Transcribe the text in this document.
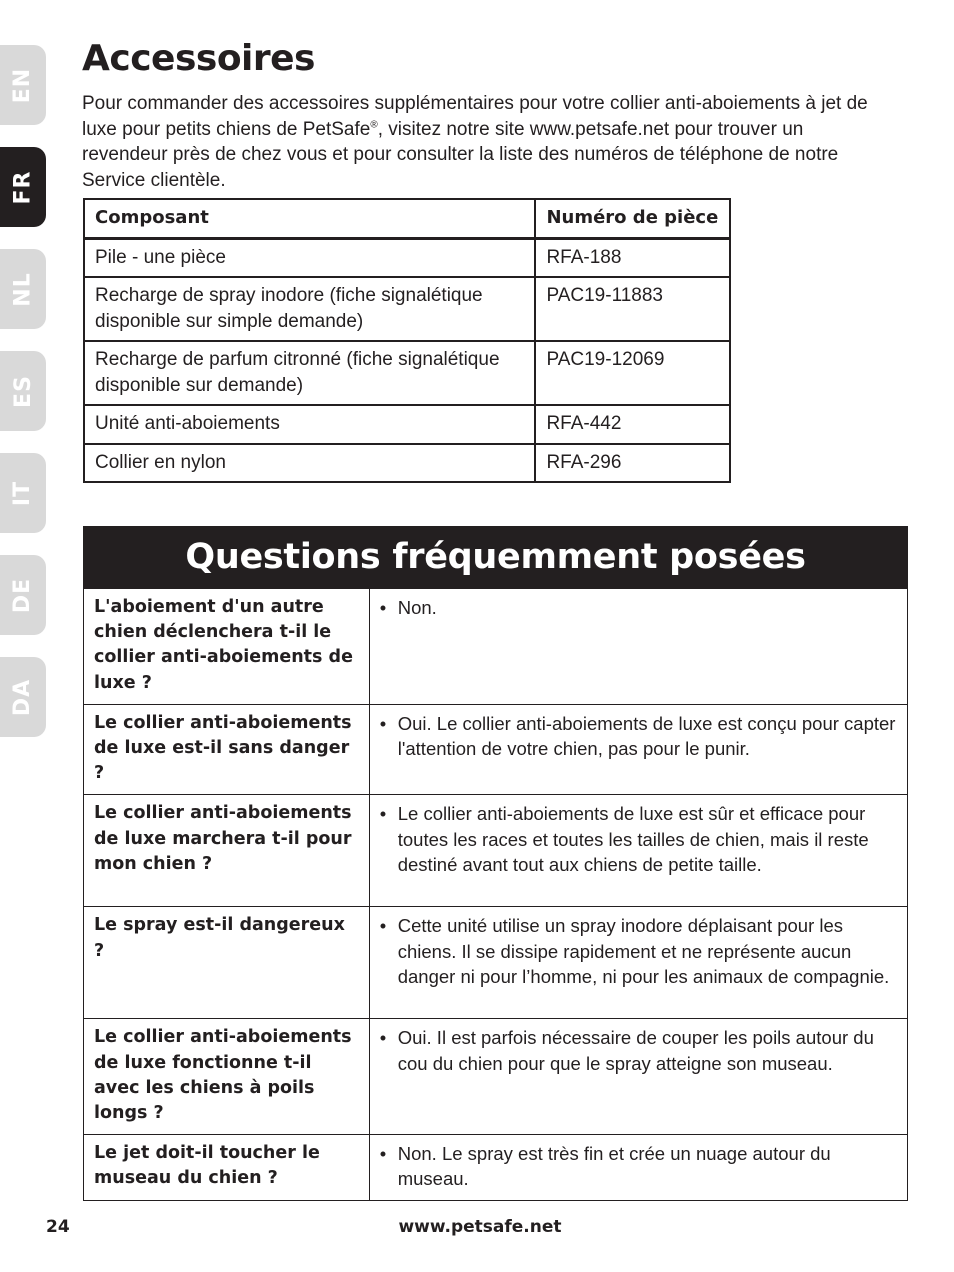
EN
FR
NL
ES
IT
DE
DA
Accessoires

Pour commander des accessoires supplémentaires pour votre collier anti-aboiements à jet de luxe pour petits chiens de PetSafe®, visitez notre site www.petsafe.net pour trouver un revendeur près de chez vous et pour consulter la liste des numéros de téléphone de notre Service clientèle.

Composant	Numéro de pièce
Pile - une pièce	RFA-188
Recharge de spray inodore (fiche signalétique disponible sur simple demande)	PAC19-11883
Recharge de parfum citronné (fiche signalétique disponible sur demande)	PAC19-12069
Unité anti-aboiements	RFA-442
Collier en nylon	RFA-296
Questions fréquemment posées
L'aboiement d'un autre chien déclenchera t-il le collier anti-aboiements de luxe ?	• Non.

Le collier anti-aboiements de luxe est-il sans danger ?	• Oui. Le collier anti-aboiements de luxe est conçu pour capter l'attention de votre chien, pas pour le punir.

Le collier anti-aboiements de luxe marchera t-il pour mon chien ?	• Le collier anti-aboiements de luxe est sûr et efficace pour toutes les races et toutes les tailles de chien, mais il reste destiné avant tout aux chiens de petite taille.

Le spray est-il dangereux ?	• Cette unité utilise un spray inodore déplaisant pour les chiens. Il se dissipe rapidement et ne représente aucun danger ni pour l’homme, ni pour les animaux de compagnie.

Le collier anti-aboiements de luxe fonctionne t-il avec les chiens à poils longs ?	• Oui. Il est parfois nécessaire de couper les poils autour du cou du chien pour que le spray atteigne son museau.

Le jet doit-il toucher le museau du chien ?	• Non. Le spray est très fin et crée un nuage autour du museau.
www.petsafe.net
24
